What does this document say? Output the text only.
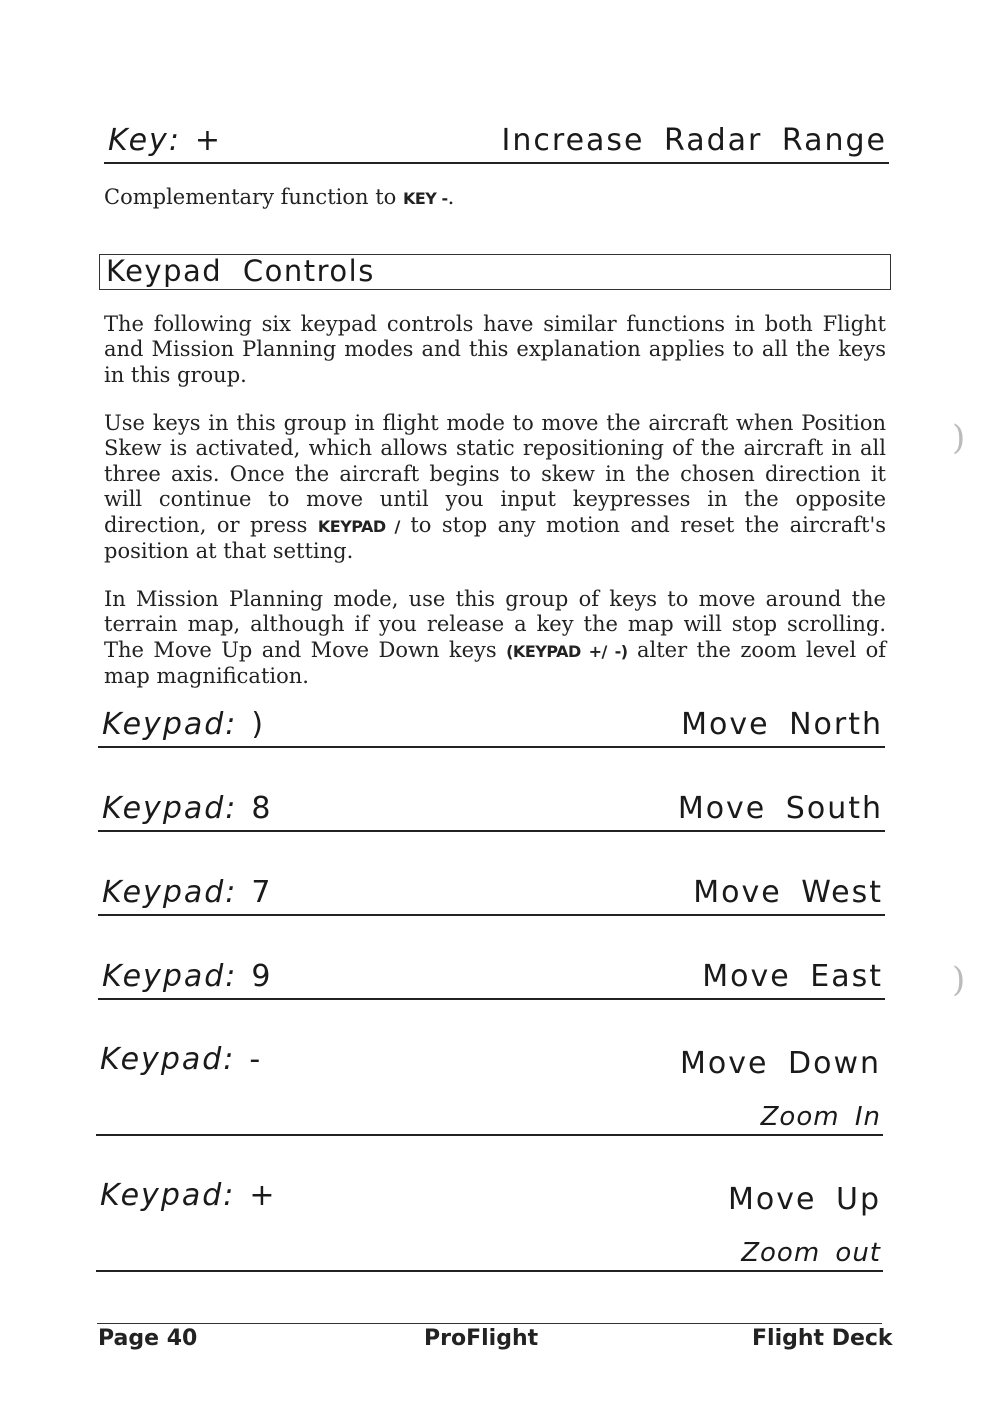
Key: +	Increase Radar Range

Complementary function to KEY -.

Keypad Controls

The following six keypad controls have similar functions in both Flight and Mission Planning modes and this explanation applies to all the keys in this group.

Use keys in this group in flight mode to move the aircraft when Position Skew is activated, which allows static repositioning of the aircraft in all three axis. Once the aircraft begins to skew in the chosen direction it will continue to move until you input keypresses in the opposite direction, or press KEYPAD / to stop any motion and reset the aircraft's position at that setting.

In Mission Planning mode, use this group of keys to move around the terrain map, although if you release a key the map will stop scrolling. The Move Up and Move Down keys (KEYPAD +/ -) alter the zoom level of map magnification.

Keypad: )	Move North
Keypad: 8	Move South
Keypad: 7	Move West
Keypad: 9	Move East
Keypad: -	Move Down
Zoom In
Keypad: +	Move Up
Zoom out
)
)
Page 40	ProFlight	Flight Deck
